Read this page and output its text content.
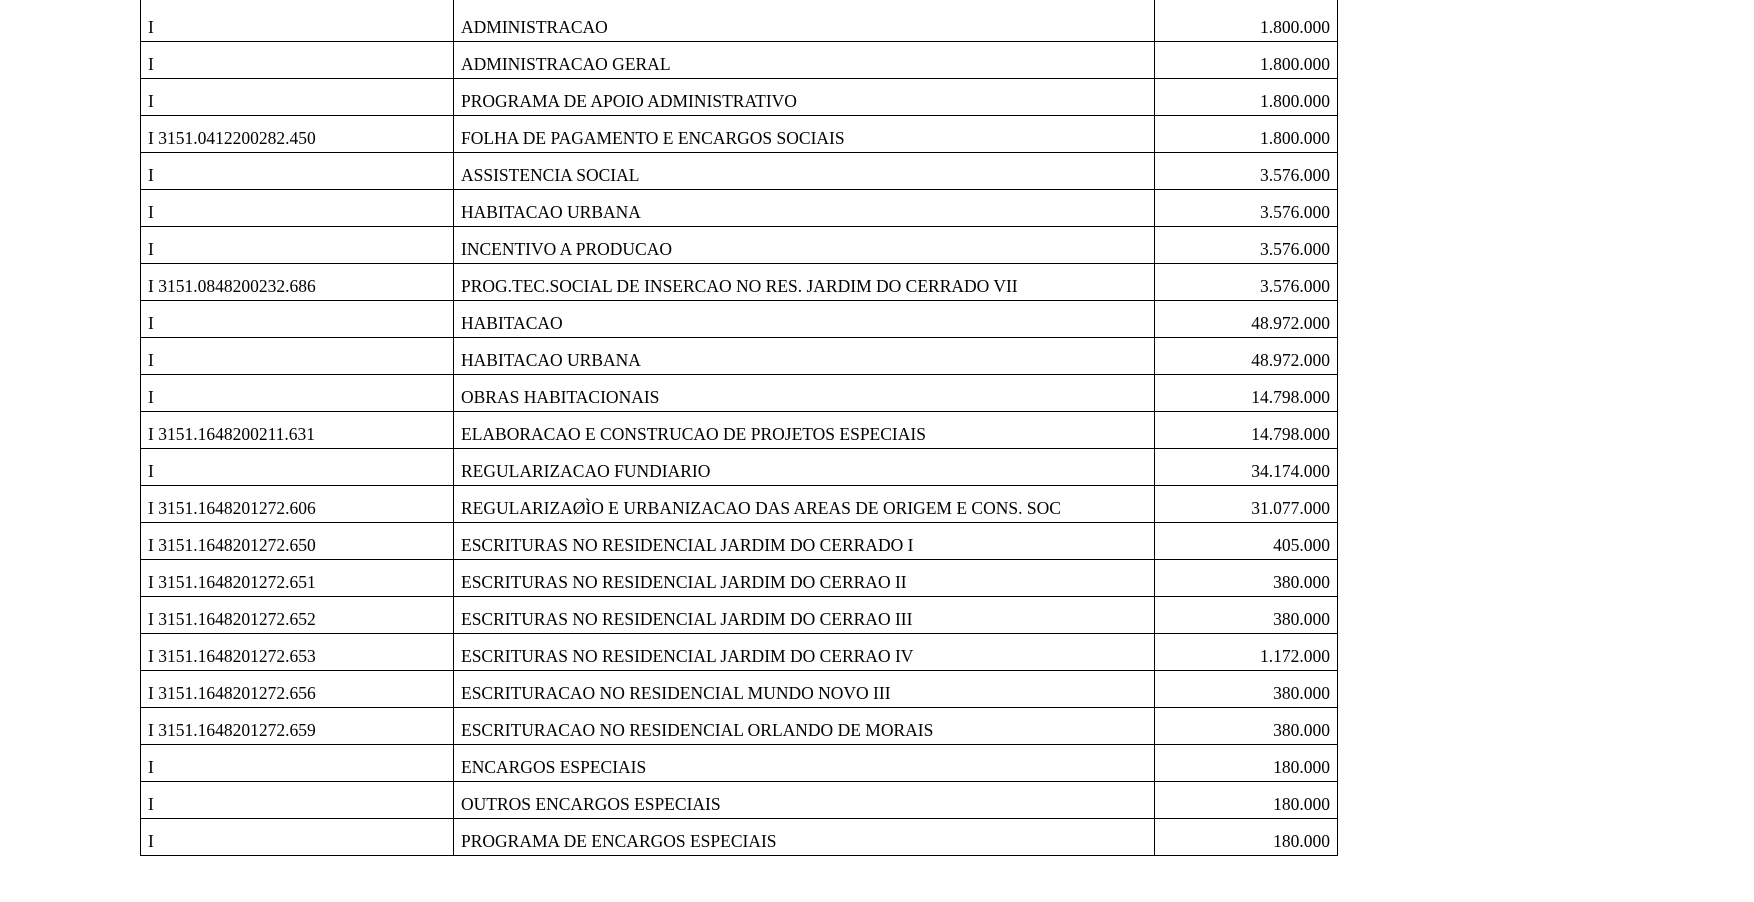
I	ADMINISTRACAO	1.800.000
I	ADMINISTRACAO GERAL	1.800.000
I	PROGRAMA DE APOIO ADMINISTRATIVO	1.800.000
I 3151.0412200282.450	FOLHA DE PAGAMENTO E ENCARGOS SOCIAIS	1.800.000
I	ASSISTENCIA SOCIAL	3.576.000
I	HABITACAO URBANA	3.576.000
I	INCENTIVO A PRODUCAO	3.576.000
I 3151.0848200232.686	PROG.TEC.SOCIAL DE INSERCAO NO RES. JARDIM DO CERRADO VII	3.576.000
I	HABITACAO	48.972.000
I	HABITACAO URBANA	48.972.000
I	OBRAS HABITACIONAIS	14.798.000
I 3151.1648200211.631	ELABORACAO E CONSTRUCAO DE PROJETOS ESPECIAIS	14.798.000
I	REGULARIZACAO FUNDIARIO	34.174.000
I 3151.1648201272.606	REGULARIZAØÌO E URBANIZACAO DAS AREAS DE ORIGEM E CONS. SOC	31.077.000
I 3151.1648201272.650	ESCRITURAS NO RESIDENCIAL JARDIM DO CERRADO I	405.000
I 3151.1648201272.651	ESCRITURAS NO RESIDENCIAL JARDIM DO CERRAO II	380.000
I 3151.1648201272.652	ESCRITURAS NO RESIDENCIAL JARDIM DO CERRAO III	380.000
I 3151.1648201272.653	ESCRITURAS NO RESIDENCIAL JARDIM DO CERRAO IV	1.172.000
I 3151.1648201272.656	ESCRITURACAO NO RESIDENCIAL MUNDO NOVO III	380.000
I 3151.1648201272.659	ESCRITURACAO NO RESIDENCIAL ORLANDO DE MORAIS	380.000
I	ENCARGOS ESPECIAIS	180.000
I	OUTROS ENCARGOS ESPECIAIS	180.000
I	PROGRAMA DE ENCARGOS ESPECIAIS	180.000
